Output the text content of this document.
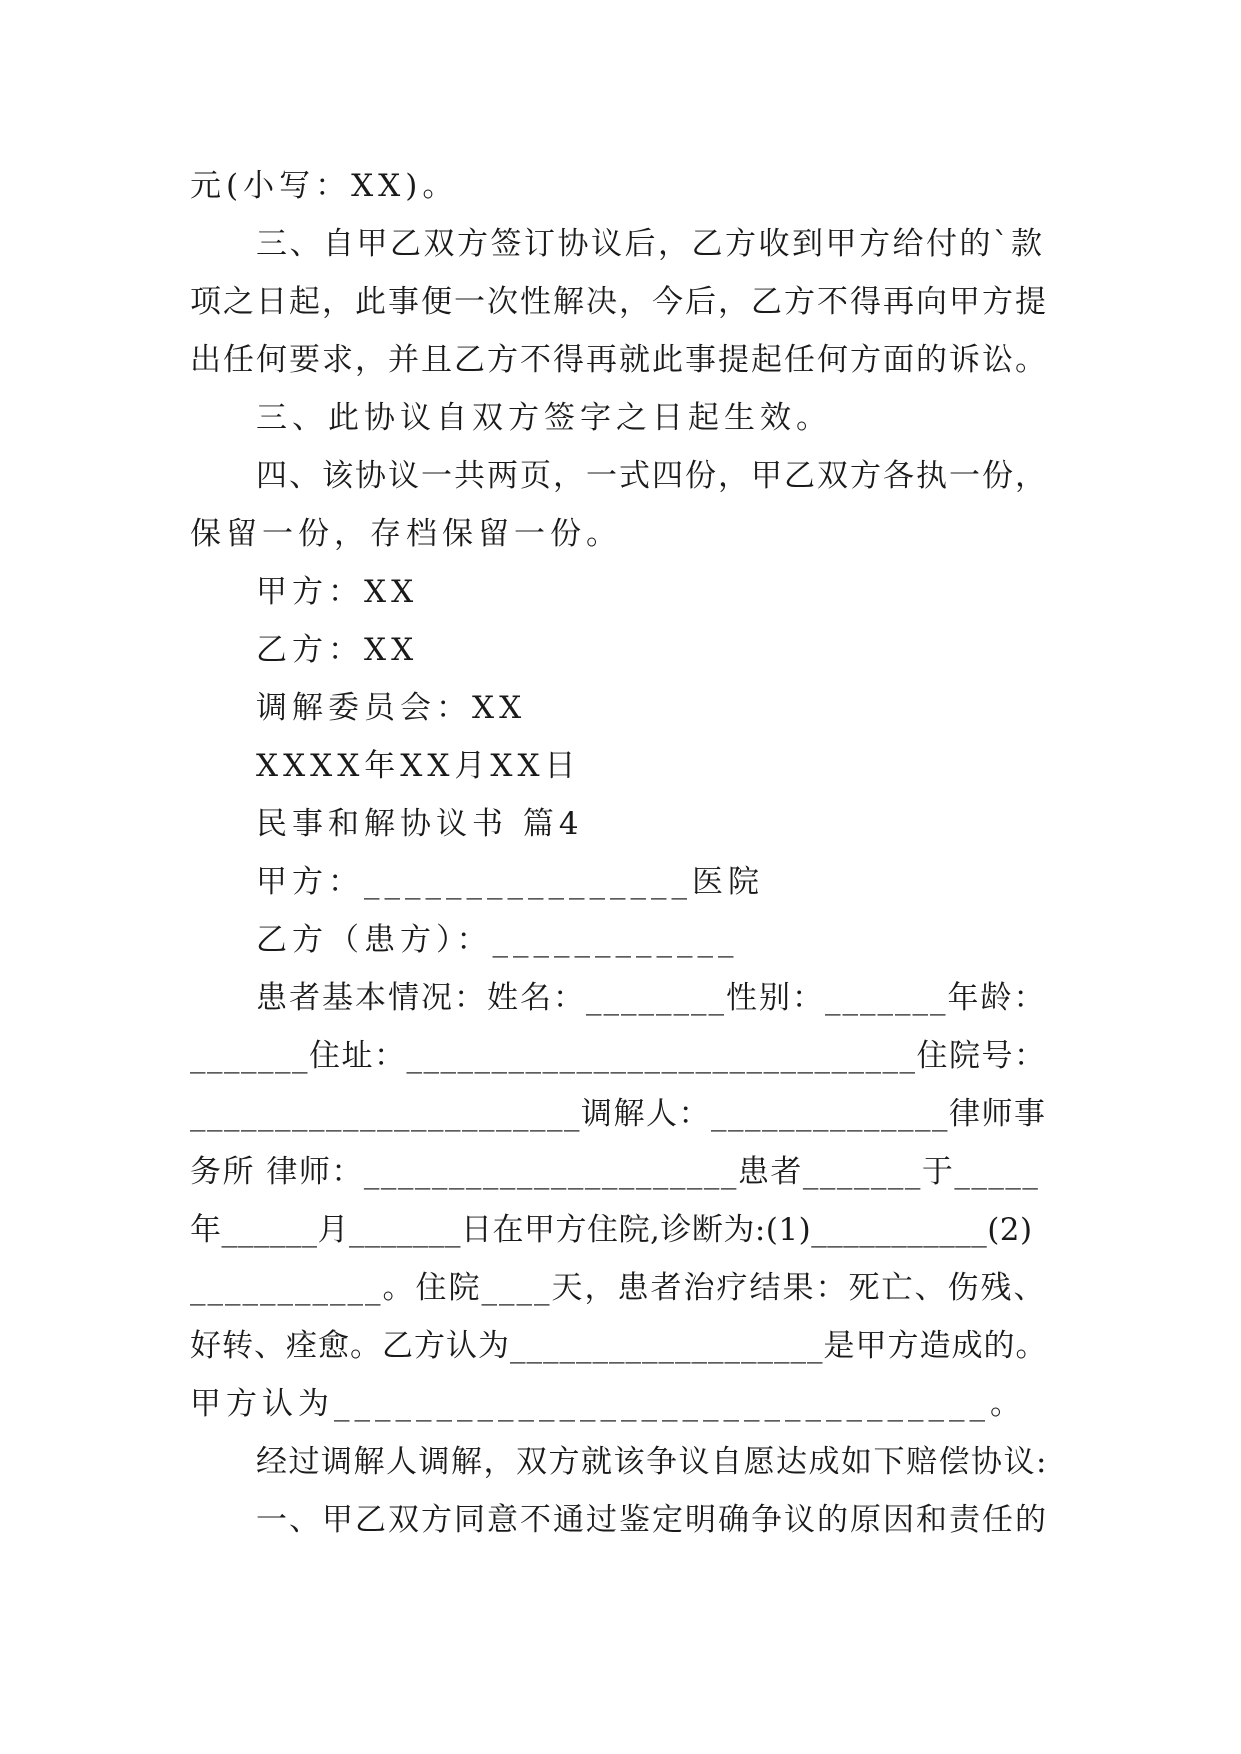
元(小写：XX)。
三、自甲乙双方签订协议后，乙方收到甲方给付的`款
项之日起，此事便一次性解决，今后，乙方不得再向甲方提
出任何要求，并且乙方不得再就此事提起任何方面的诉讼。
三、此协议自双方签字之日起生效。
四、该协议一共两页，一式四份，甲乙双方各执一份，
保留一份，存档保留一份。
甲方：XX
乙方：XX
调解委员会：XX
XXXX年XX月XX日
民事和解协议书 篇4
甲方：________________医院
乙方（患方）：____________
患者基本情况：姓名：________性别：_______年龄：
_______住址：______________________________住院号：
_______________________调解人：______________律师事
务所 律师：______________________患者_______于_____
年______月_______日在甲方住院,诊断为:(1)___________(2)
___________。住院____天，患者治疗结果：死亡、伤残、
好转、痊愈。乙方认为___________________是甲方造成的。
甲方认为________________________________。
经过调解人调解，双方就该争议自愿达成如下赔偿协议:
一、甲乙双方同意不通过鉴定明确争议的原因和责任的
